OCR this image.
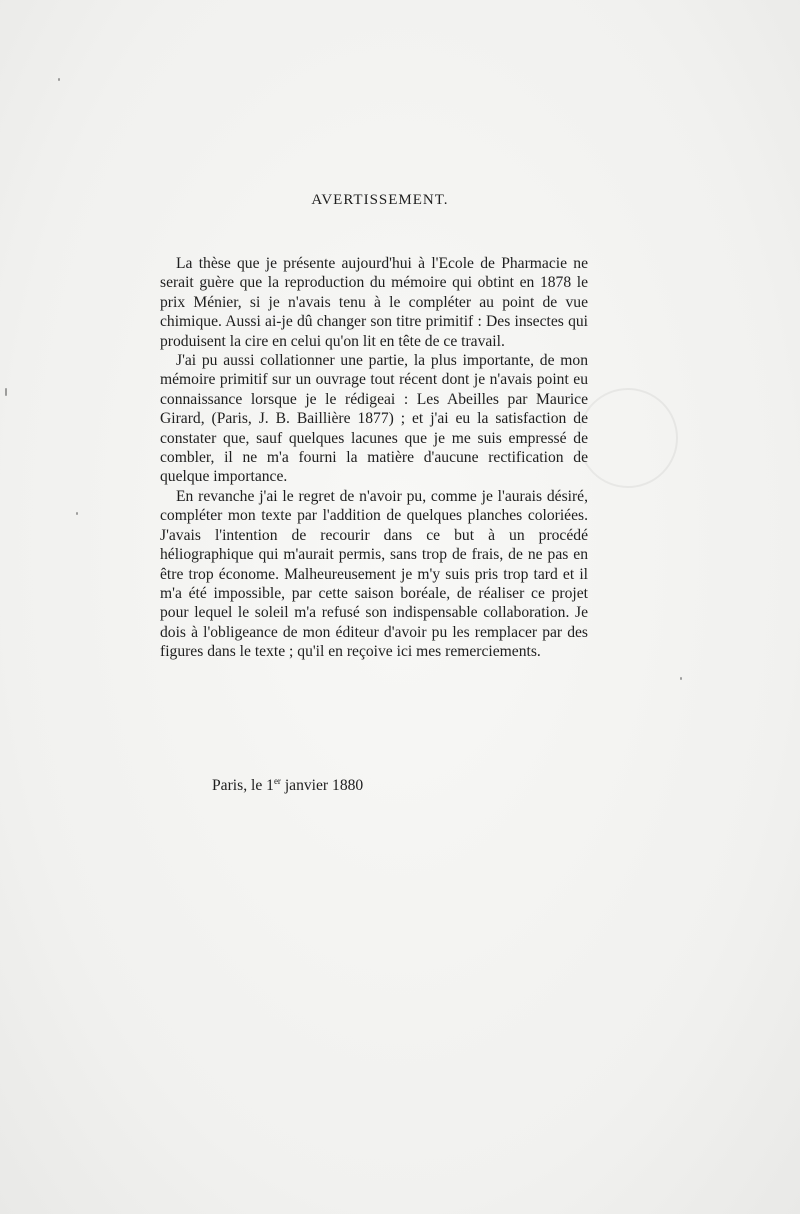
AVERTISSEMENT.

La thèse que je présente aujourd'hui à l'Ecole de Pharmacie ne serait guère que la reproduction du mémoire qui obtint en 1878 le prix Ménier, si je n'avais tenu à le compléter au point de vue chimique. Aussi ai-je dû changer son titre primitif : Des insectes qui produisent la cire en celui qu'on lit en tête de ce travail.

J'ai pu aussi collationner une partie, la plus importante, de mon mémoire primitif sur un ouvrage tout récent dont je n'avais point eu connaissance lorsque je le rédigeai : Les Abeilles par Maurice Girard, (Paris, J. B. Baillière 1877) ; et j'ai eu la satisfaction de constater que, sauf quelques lacunes que je me suis empressé de combler, il ne m'a fourni la matière d'aucune rectification de quelque importance.

En revanche j'ai le regret de n'avoir pu, comme je l'aurais désiré, compléter mon texte par l'addition de quelques planches coloriées. J'avais l'intention de recourir dans ce but à un procédé héliographique qui m'aurait permis, sans trop de frais, de ne pas en être trop économe. Malheureusement je m'y suis pris trop tard et il m'a été impossible, par cette saison boréale, de réaliser ce projet pour lequel le soleil m'a refusé son indispensable collaboration. Je dois à l'obligeance de mon éditeur d'avoir pu les remplacer par des figures dans le texte ; qu'il en reçoive ici mes remerciements.

Paris, le 1er janvier 1880
